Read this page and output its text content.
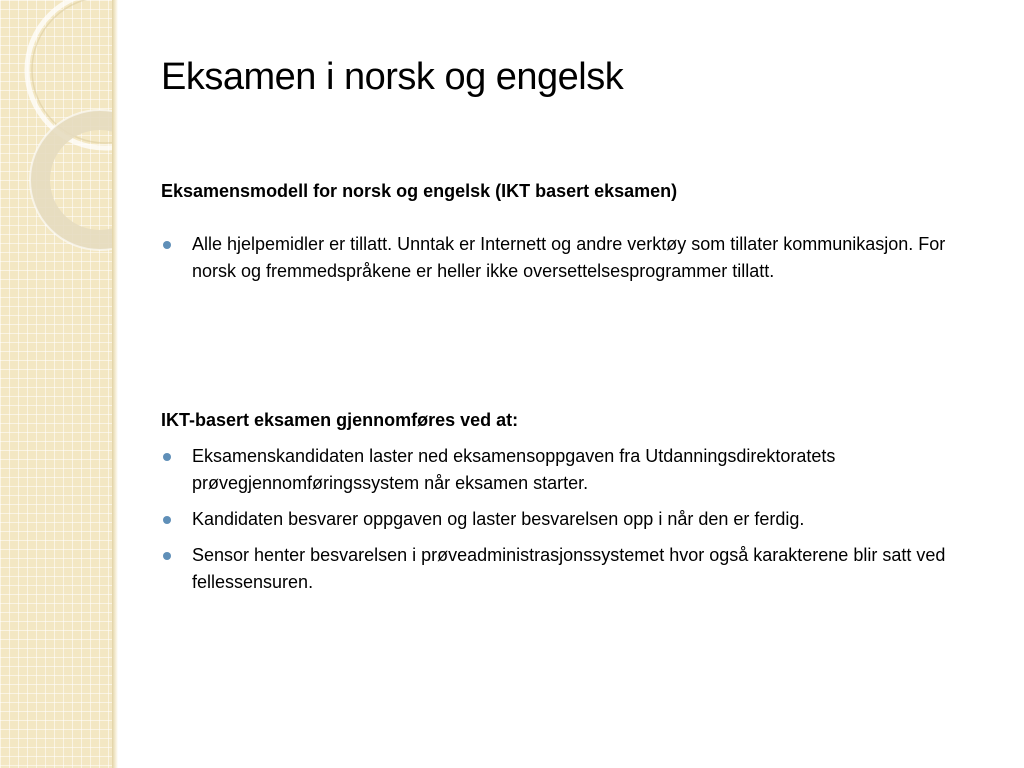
Eksamen i norsk og engelsk

Eksamensmodell for norsk og engelsk (IKT basert eksamen)

Alle hjelpemidler er tillatt. Unntak er Internett og andre verktøy som tillater kommunikasjon. For norsk og fremmedspråkene er heller ikke oversettelsesprogrammer tillatt.

IKT-basert eksamen gjennomføres ved at:

Eksamenskandidaten laster ned eksamensoppgaven fra Utdanningsdirektoratets prøvegjennomføringssystem når eksamen starter.
Kandidaten besvarer oppgaven og laster besvarelsen opp i når den er ferdig.
Sensor henter besvarelsen i prøveadministrasjonssystemet hvor også karakterene blir satt ved fellessensuren.
